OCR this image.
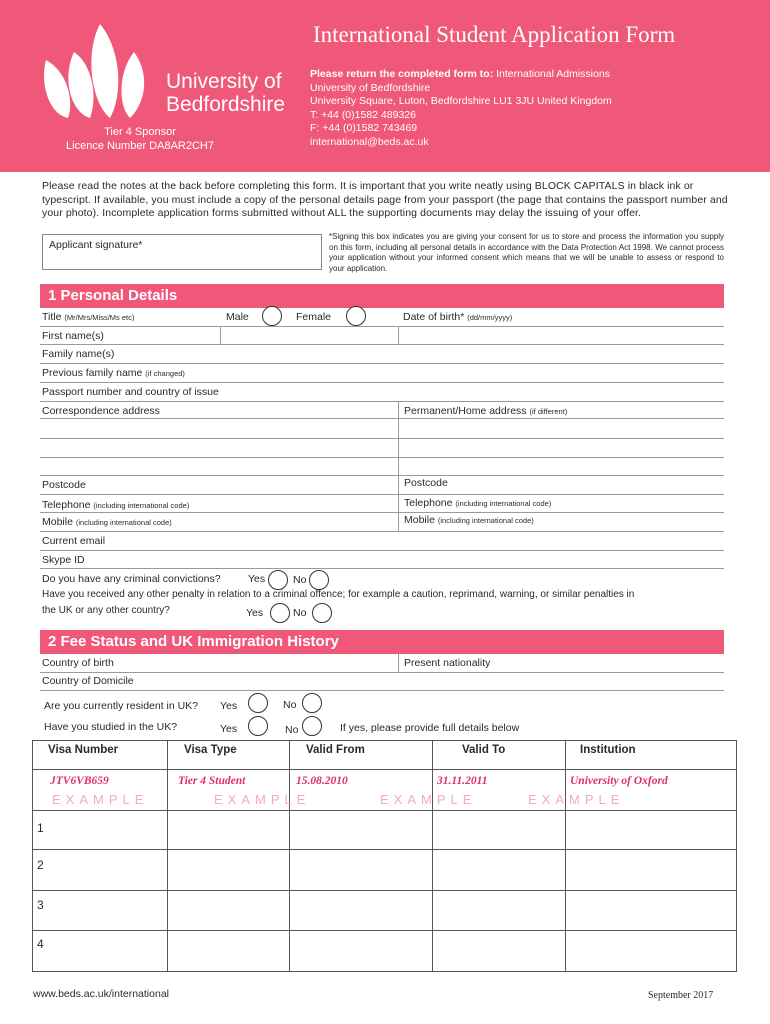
University of
Bedfordshire
Tier 4 Sponsor
Licence Number DA8AR2CH7
International Student Application Form
Please return the completed form to: International Admissions
University of Bedfordshire
University Square, Luton, Bedfordshire LU1 3JU United Kingdom
T: +44 (0)1582 489326
F: +44 (0)1582 743469
international@beds.ac.uk
Please read the notes at the back before completing this form. It is important that you write neatly using BLOCK CAPITALS in black ink or typescript. If available, you must include a copy of the personal details page from your passport (the page that contains the passport number and your photo). Incomplete application forms submitted without ALL the supporting documents may delay the issuing of your offer.
Applicant signature*
*Signing this box indicates you are giving your consent for us to store and process the information you supply on this form, including all personal details in accordance with the Data Protection Act 1998. We cannot process your application without your informed consent which means that we will be unable to assess or respond to your application.
1 Personal Details
Title (Mr/Mrs/Miss/Ms etc)	Male	Female	Date of birth* (dd/mm/yyyy)
First name(s)
Family name(s)
Previous family name (if changed)
Passport number and country of issue
Correspondence address	Permanent/Home address (if different)
Postcode	Postcode
Telephone (including international code)	Telephone (including international code)
Mobile (including international code)	Mobile (including international code)
Current email
Skype ID
Do you have any criminal convictions?	Yes	No
Have you received any other penalty in relation to a criminal offence; for example a caution, reprimand, warning, or similar penalties in
the UK or any other country?	Yes	No
2 Fee Status and UK Immigration History
Country of birth	Present nationality
Country of Domicile
Are you currently resident in UK? Yes	No
Have you studied in the UK?	Yes	No	If yes, please provide full details below
Visa Number	Visa Type	Valid From	Valid To	Institution
EXAMPLE	EXAMPLE	EXAMPLE	EXAMPLE
JTV6VB659	Tier 4 Student	15.08.2010	31.11.2011	University of Oxford
1
2
3
4
www.beds.ac.uk/international	September 2017
